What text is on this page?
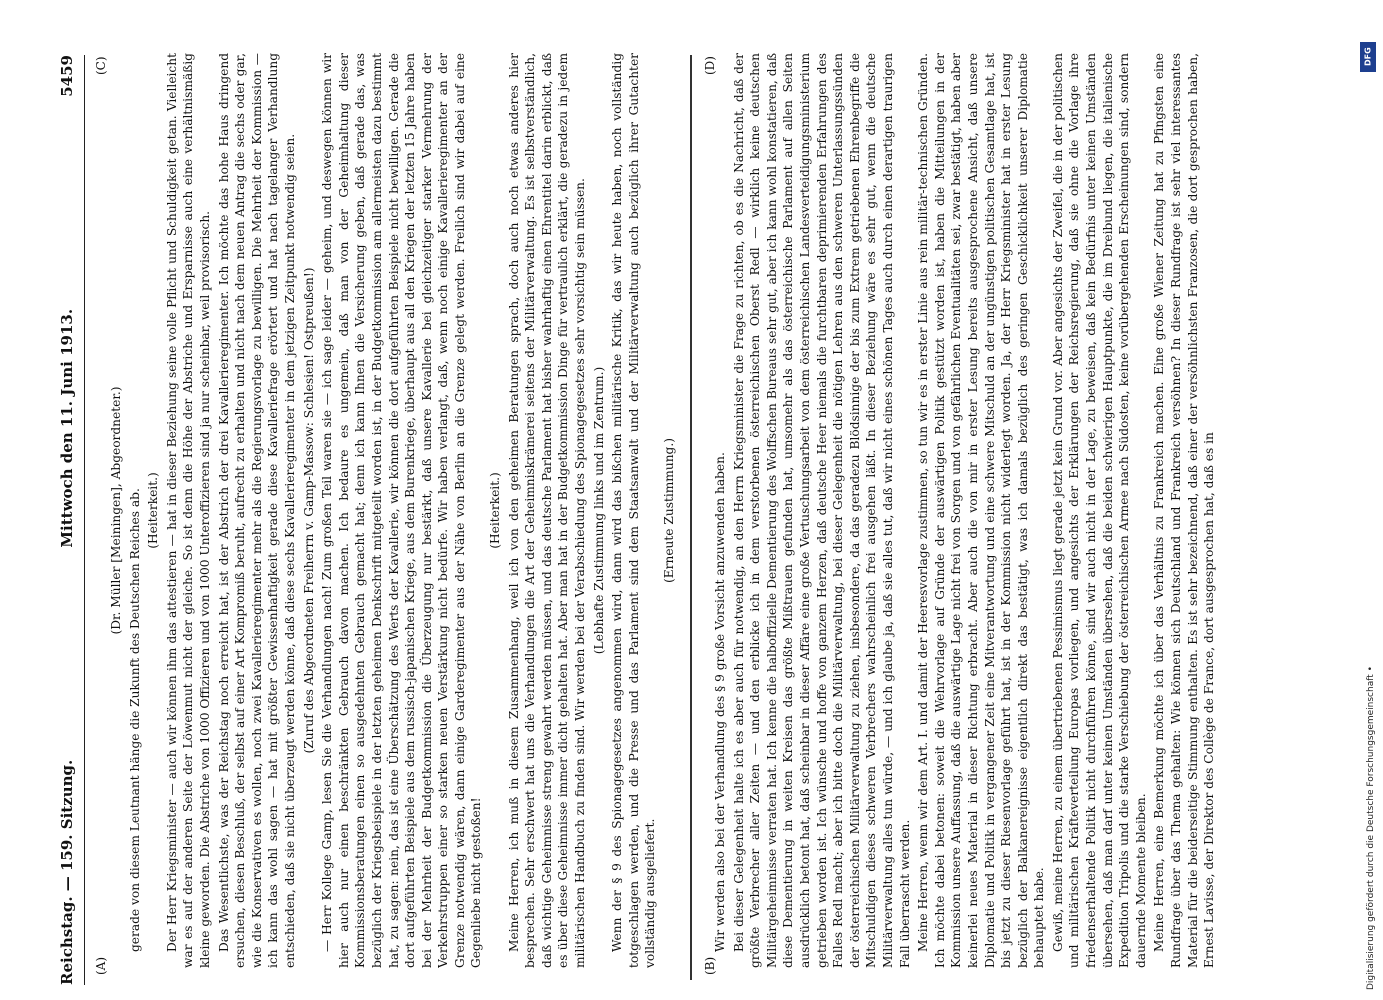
Reichstag. — 159. Sitzung.
Mittwoch den 11. Juni 1913.
5459
(A)	(B)
(C)	(D)

(Dr. Müller [Meiningen], Abgeordneter.) gerade von diesem Leutnant hänge die Zukunft des Deutschen Reiches ab. (Heiterkeit.) Der Herr Kriegsminister — auch wir können ihm das attestieren — hat in dieser Beziehung seine volle Pflicht und Schuldigkeit getan. Vielleicht war es auf der anderen Seite der Löwenmut nicht der gleiche. So ist denn die Höhe der Abstriche und Ersparnisse auch eine verhältnismäßig kleine geworden. Die Abstriche von 1000 Offizieren und von 1000 Unteroffizieren sind ja nur scheinbar, weil provisorisch. Das Wesentlichste, was der Reichstag noch erreicht hat, ist der Abstrich der drei Kavallerieregimenter. Ich möchte das hohe Haus dringend ersuchen, diesen Beschluß, der selbst auf einer Art Kompromiß beruht, aufrecht zu erhalten und nicht nach dem neuen Antrag die sechs oder gar, wie die Konservativen es wollen, noch zwei Kavallerieregimenter mehr als die Regierungsvorlage zu bewilligen. Die Mehrheit der Kommission — ich kann das wohl sagen — hat mit größter Gewissenhaftigkeit gerade diese Kavalleriefrage erörtert und hat nach tagelanger Verhandlung entschieden, daß sie nicht überzeugt werden könne, daß diese sechs Kavallerieregimenter in dem jetzigen Zeitpunkt notwendig seien. (Zuruf des Abgeordneten Freiherrn v. Gamp-Massow: Schlesien! Ostpreußen!) — Herr Kollege Gamp, lesen Sie die Verhandlungen nach! Zum großen Teil waren sie — ich sage leider — geheim, und deswegen können wir hier auch nur einen beschränkten Gebrauch davon machen. Ich bedaure es ungemein, daß man von der Geheimhaltung dieser Kommissionsberatungen einen so ausgedehnten Gebrauch gemacht hat; denn ich kann Ihnen die Versicherung geben, daß gerade das, was bezüglich der Kriegsbeispiele in der letzten geheimen Denkschrift mitgeteilt worden ist, in der Budgetkommission am allermeisten dazu bestimmt hat, zu sagen: nein, das ist eine Überschätzung des Werts der Kavallerie, wir können die dort aufgeführten Beispiele nicht bewilligen. Gerade die dort aufgeführten Beispiele aus dem russisch-japanischen Kriege, aus dem Burenkriege, überhaupt aus all den Kriegen der letzten 15 Jahre haben bei der Mehrheit der Budgetkommission die Überzeugung nur bestärkt, daß unsere Kavallerie bei gleichzeitiger starker Vermehrung der Verkehrstruppen einer so starken neuen Verstärkung nicht bedürfe. Wir haben verlangt, daß, wenn noch einige Kavallerieregimenter an der Grenze notwendig wären, dann einige Garderegimenter aus der Nähe von Berlin an die Grenze gelegt werden. Freilich sind wir dabei auf eine Gegenliebe nicht gestoßen!

(Heiterkeit.) Meine Herren, ich muß in diesem Zusammenhang, weil ich von den geheimen Beratungen sprach, doch auch noch etwas anderes hier besprechen. Sehr erschwert hat uns die Verhandlungen die Art der Geheimniskrämerei seitens der Militärverwaltung. Es ist selbstverständlich, daß wichtige Geheimnisse streng gewahrt werden müssen, und das deutsche Parlament hat bisher wahrhaftig einen Ehrentitel darin erblickt, daß es über diese Geheimnisse immer dicht gehalten hat. Aber man hat in der Budgetkommission Dinge für vertraulich erklärt, die geradezu in jedem militärischen Handbuch zu finden sind. Wir werden bei der Verabschiedung des Spionagegesetzes sehr vorsichtig sein müssen. (Lebhafte Zustimmung links und im Zentrum.) Wenn der § 9 des Spionagegesetzes angenommen wird, dann wird das bißchen militärische Kritik, das wir heute haben, noch vollständig totgeschlagen werden, und die Presse und das Parlament sind dem Staatsanwalt und der Militärverwaltung auch bezüglich ihrer Gutachter vollständig ausgeliefert.

(Erneute Zustimmung.)	Wir werden also bei der Verhandlung des § 9 große Vorsicht anzuwenden haben. Bei dieser Gelegenheit halte ich es aber auch für notwendig, an den Herrn Kriegsminister die Frage zu richten, ob es die Nachricht, daß der größte Verbrecher aller Zeiten — und den erblicke ich in dem verstorbenen österreichischen Oberst Redl — wirklich keine deutschen Militärgeheimnisse verraten hat. Ich kenne die halboffizielle Dementierung des Wolffschen Bureaus sehr gut, aber ich kann wohl konstatieren, daß diese Dementierung in weiten Kreisen das größte Mißtrauen gefunden hat, umsomehr als das österreichische Parlament auf allen Seiten ausdrücklich betont hat, daß scheinbar in dieser Affäre eine große Vertuschungsarbeit von dem österreichischen Landesverteidigungsministerium getrieben worden ist. Ich wünsche und hoffe von ganzem Herzen, daß deutsche Heer niemals die furchtbaren deprimierenden Erfahrungen des Falles Redl macht; aber ich bitte doch die Militärverwaltung, bei dieser Gelegenheit die nötigen Lehren aus den schweren Unterlassungssünden der österreichischen Militärverwaltung zu ziehen, insbesondere, da das geradezu Blödsinnige der bis zum Extrem getriebenen Ehrenbegriffe die Mitschuldigen dieses schweren Verbrechers wahrscheinlich frei ausgehen läßt. In dieser Beziehung wäre es sehr gut, wenn die deutsche Militärverwaltung alles tun würde, — und ich glaube ja, daß sie alles tut, daß wir nicht eines schönen Tages auch durch einen derartigen traurigen Fall überrascht werden. Meine Herren, wenn wir dem Art. I. und damit der Heeresvorlage zustimmen, so tun wir es in erster Linie aus rein militär-technischen Gründen. Ich möchte dabei betonen: soweit die Wehrvorlage auf Gründe der auswärtigen Politik gestützt worden ist, haben die Mitteilungen in der Kommission unsere Auffassung, daß die auswärtige Lage nicht frei von Sorgen und von gefährlichen Eventualitäten sei, zwar bestätigt, haben aber keinerlei neues Material in dieser Richtung erbracht. Aber auch die von mir in erster Lesung bereits ausgesprochene Ansicht, daß unsere Diplomatie und Politik in vergangener Zeit eine Mitverantwortung und eine schwere Mitschuld an der ungünstigen politischen Gesamtlage hat, ist bis jetzt zu dieser Riesenvorlage geführt hat, ist in der Kommission nicht widerlegt worden. Ja, der Herr Kriegsminister hat in erster Lesung bezüglich der Balkanereignisse eigentlich direkt das bestätigt, was ich damals bezüglich des geringen Geschicklichkeit unserer Diplomatie behauptet habe. Gewiß, meine Herren, zu einem übertriebenen Pessimismus liegt gerade jetzt kein Grund vor. Aber angesichts der Zweifel, die in der politischen und militärischen Kräfteverteilung Europas vorliegen, und angesichts der Erklärungen der Reichsregierung, daß sie ohne die Vorlage ihre friedenserhaltende Politik nicht durchführen könne, sind wir auch nicht in der Lage, zu beweisen, daß kein Bedürfnis unter keinen Umständen übersehen, daß man darf unter keinen Umständen übersehen, daß die beiden schwierigen Hauptpunkte, die im Dreibund liegen, die italienische Expedition Tripolis und die starke Verschiebung der österreichischen Armee nach Südosten, keine vorübergehenden Erscheinungen sind, sondern dauernde Momente bleiben. Meine Herren, eine Bemerkung möchte ich über das Verhältnis zu Frankreich machen. Eine große Wiener Zeitung hat zu Pfingsten eine Rundfrage über das Thema gehalten: Wie können sich Deutschland und Frankreich versöhnen? In dieser Rundfrage ist sehr viel interessantes Material für die beiderseitige Stimmung enthalten. Es ist sehr bezeichnend, daß einer der versöhnlichsten Franzosen, die dort gesprochen haben, Ernest Lavisse, der Direktor des Collège de France, dort ausgesprochen hat, daß es in	Digitalisierung gefördert durch die Deutsche Forschungsgemeinschaft •
DFG
